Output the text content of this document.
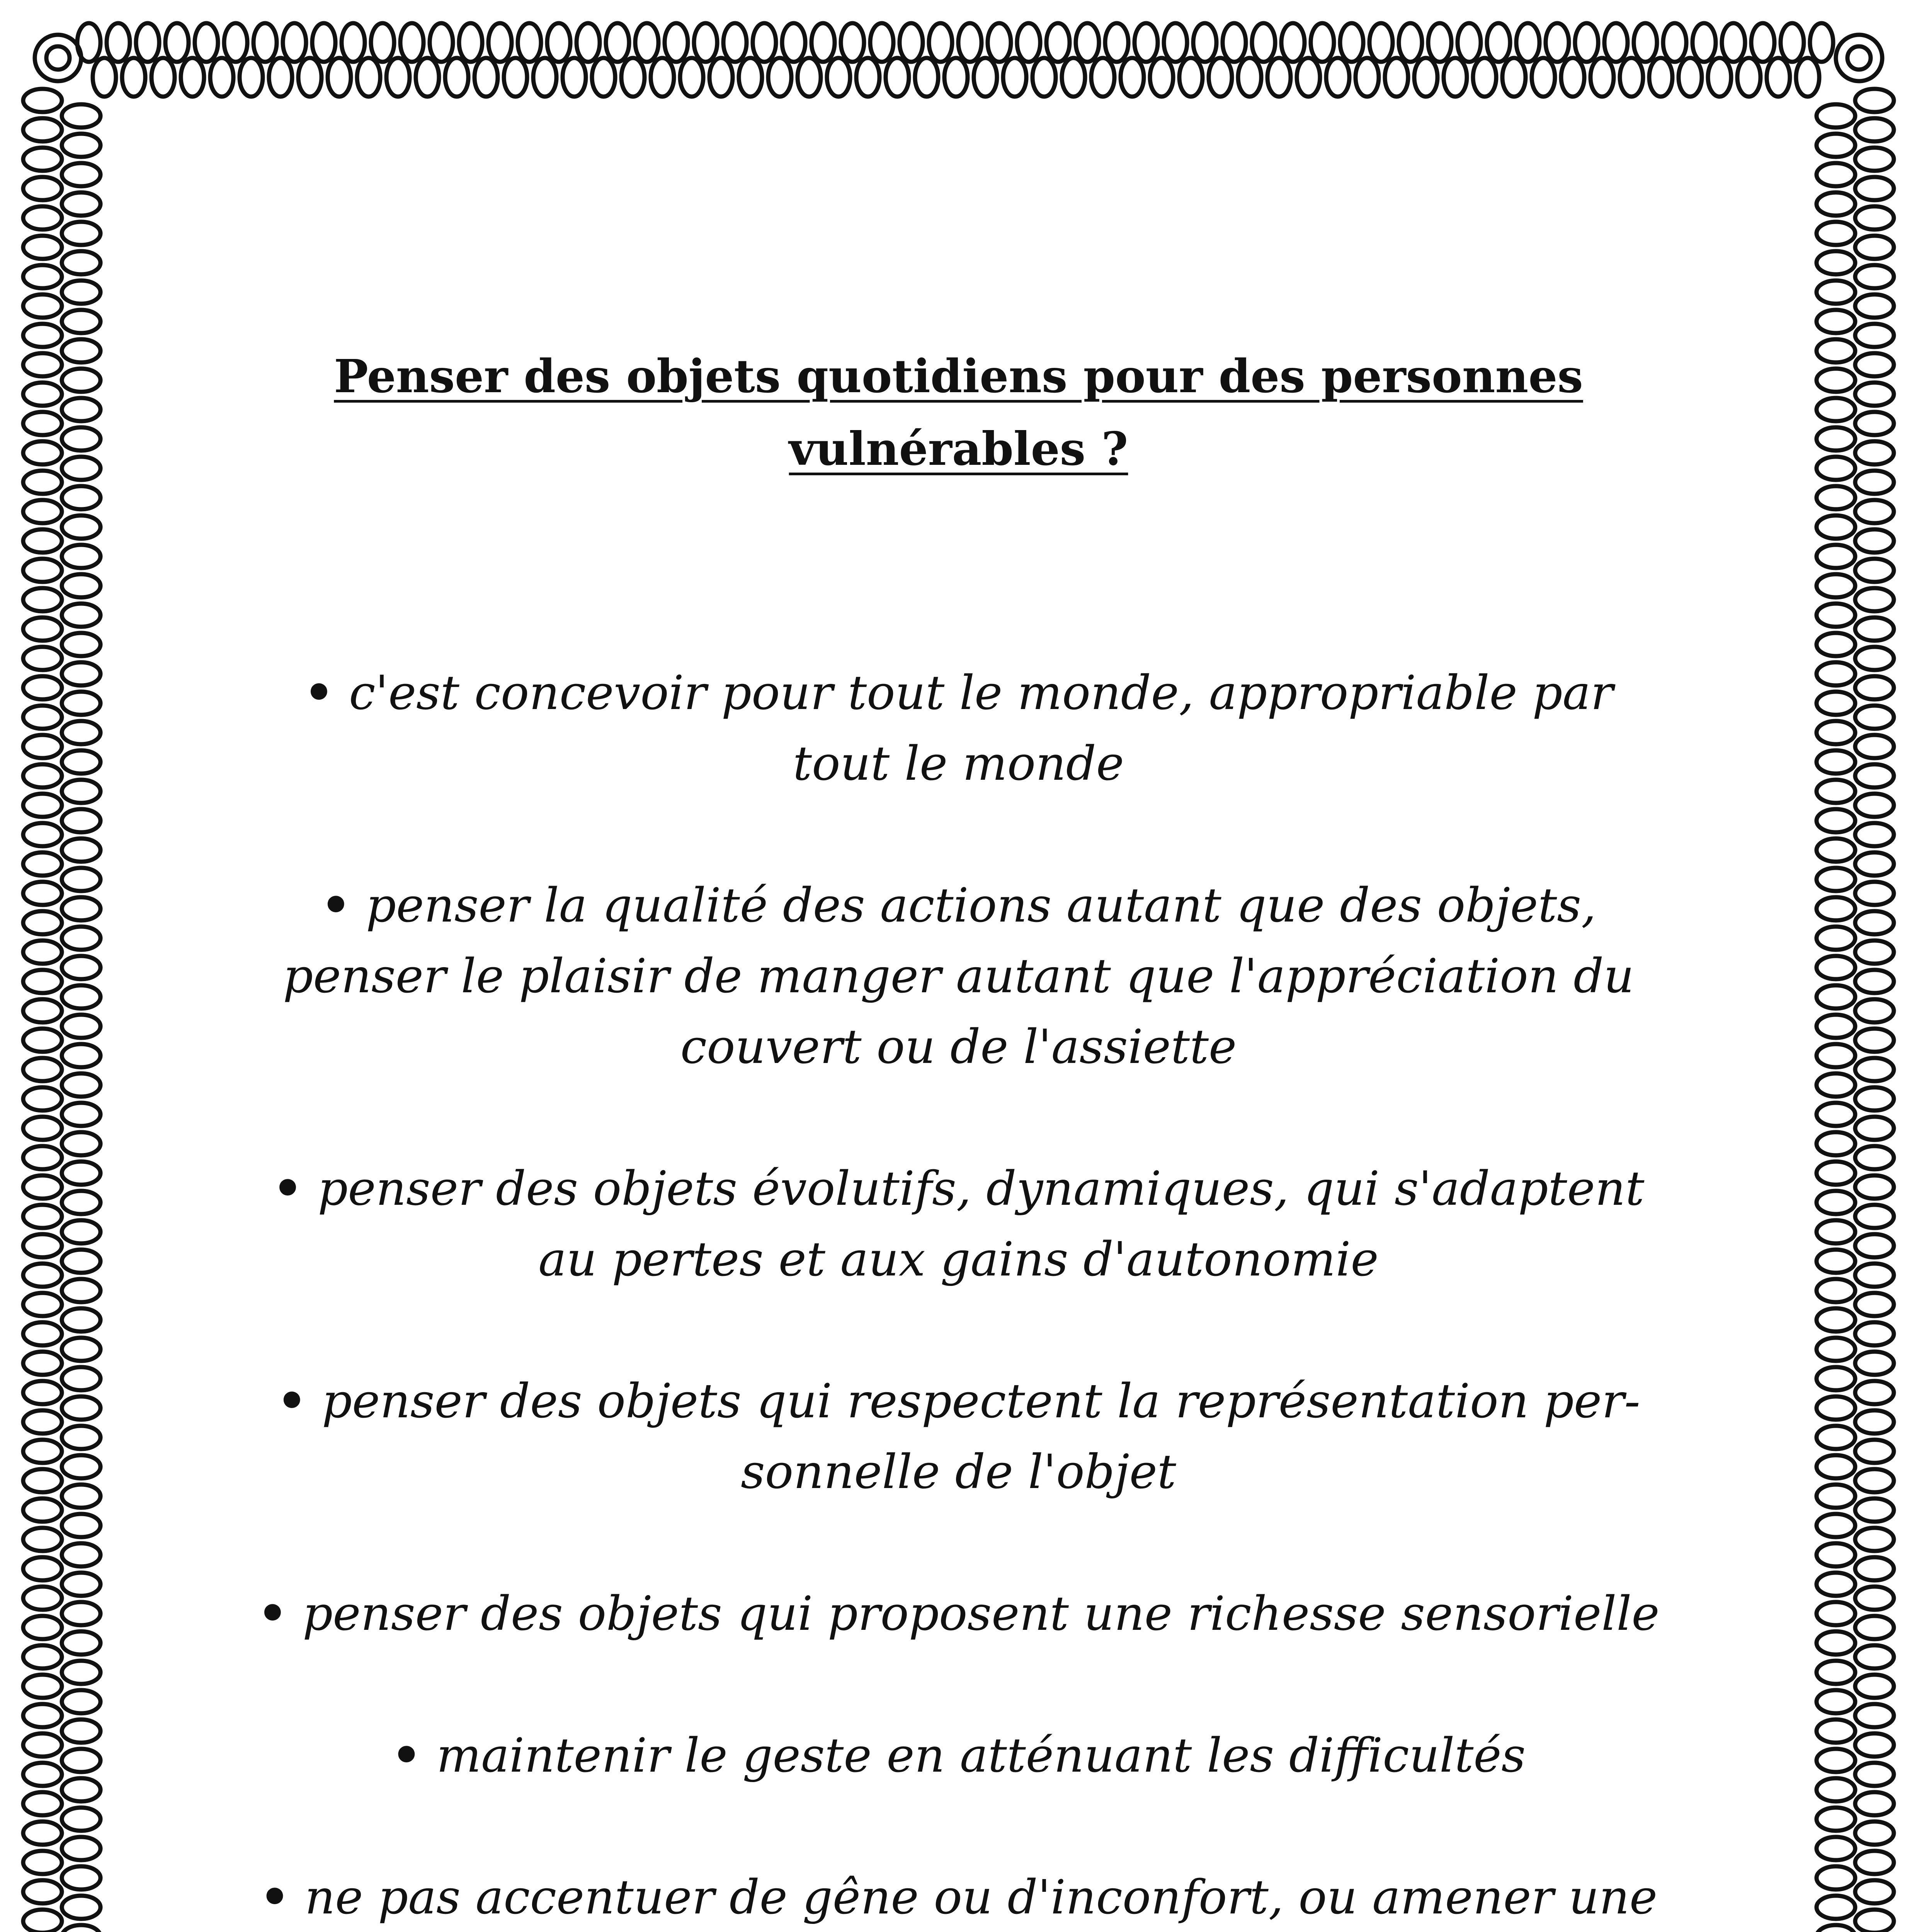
Penser des objets quotidiens pour des personnes
vulnérables ?
• c'est concevoir pour tout le monde, appropriable par
tout le monde
• penser la qualité des actions autant que des objets,
penser le plaisir de manger autant que l'appréciation du
couvert ou de l'assiette
• penser des objets évolutifs, dynamiques, qui s'adaptent
au pertes et aux gains d'autonomie
• penser des objets qui respectent la représentation per-
sonnelle de l'objet
• penser des objets qui proposent une richesse sensorielle
• maintenir le geste en atténuant les difficultés
• ne pas accentuer de gêne ou d'inconfort, ou amener une
